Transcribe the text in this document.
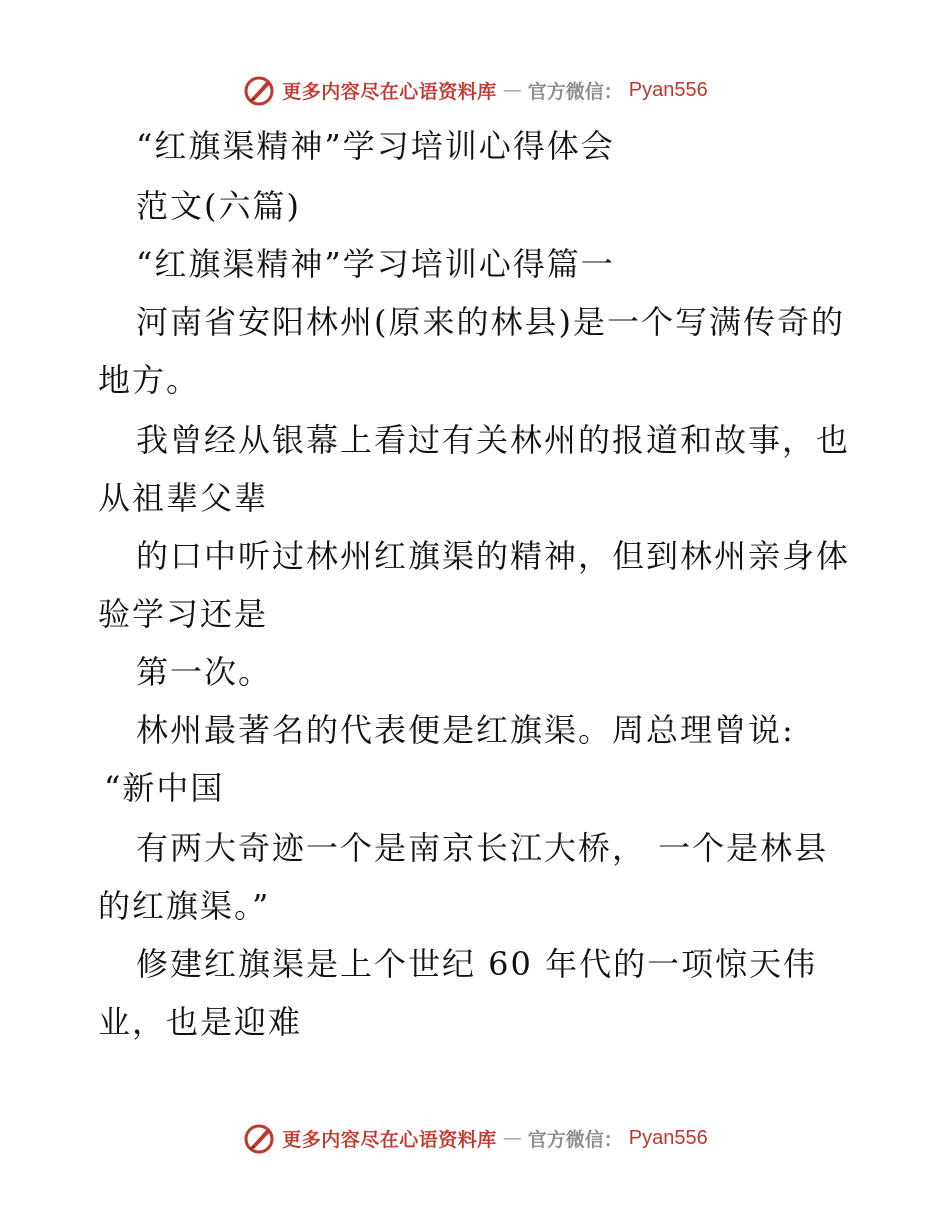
更多内容尽在心语资料库 — 官方微信： Pyan556
“红旗渠精神”学习培训心得体会
范文(六篇)
“红旗渠精神”学习培训心得篇一
河南省安阳林州(原来的林县)是一个写满传奇的
地方。
我曾经从银幕上看过有关林州的报道和故事，也
从祖辈父辈
的口中听过林州红旗渠的精神，但到林州亲身体
验学习还是
第一次。
林州最著名的代表便是红旗渠。周总理曾说:
“新中国
有两大奇迹一个是南京长江大桥， 一个是林县
的红旗渠。”
修建红旗渠是上个世纪 60 年代的一项惊天伟
业，也是迎难
更多内容尽在心语资料库 — 官方微信： Pyan556
